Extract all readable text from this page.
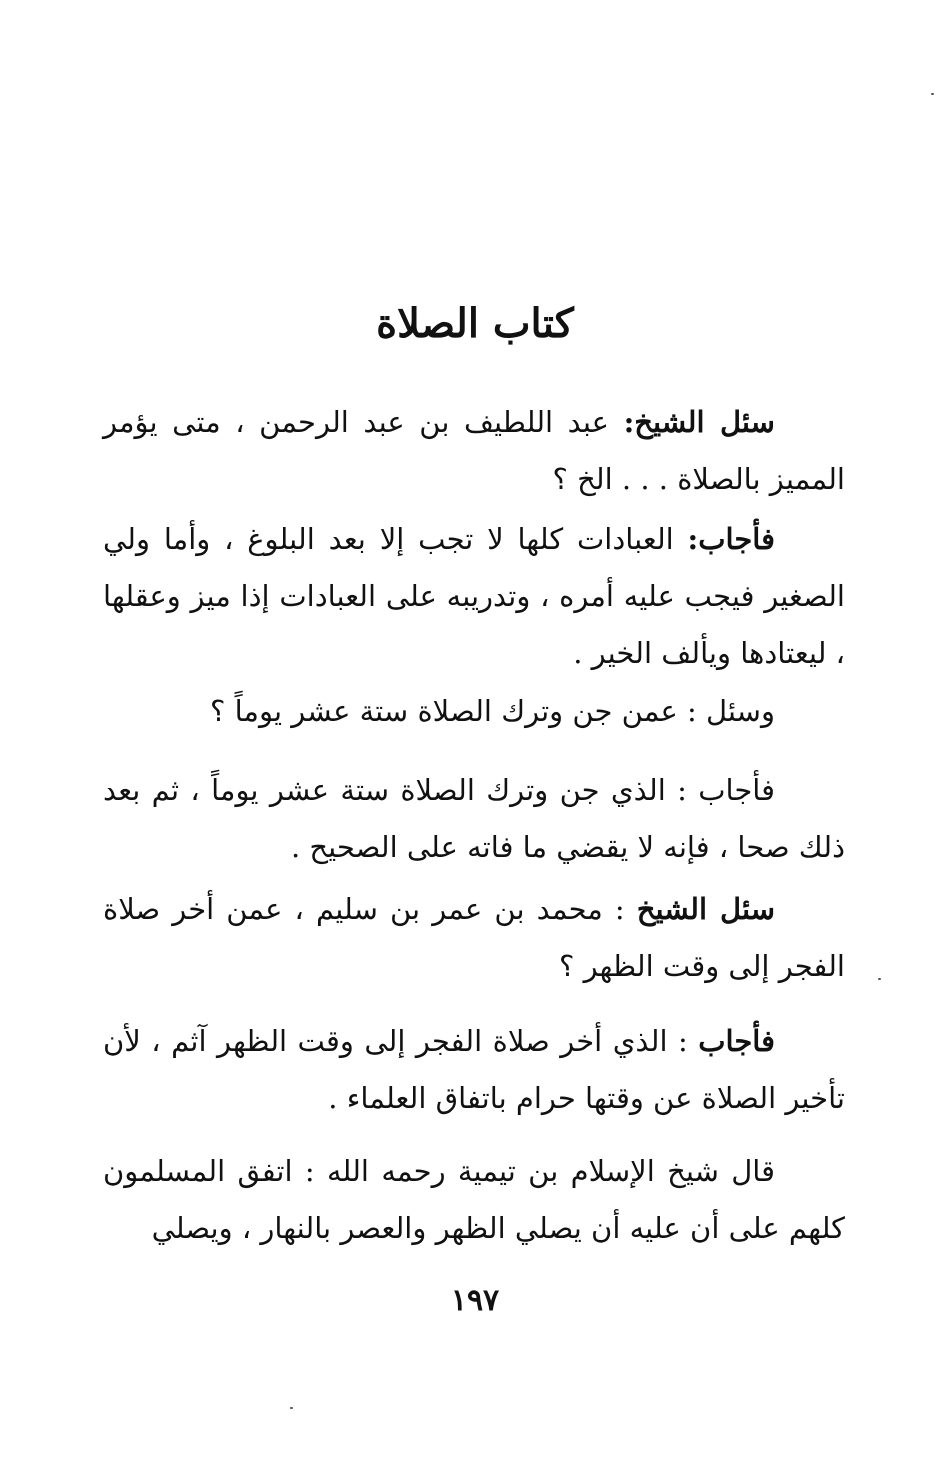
كتاب الصلاة

سئل الشيخ: عبد اللطيف بن عبد الرحمن ، متى يؤمر المميز بالصلاة . . . الخ ؟

فأجاب: العبادات كلها لا تجب إلا بعد البلوغ ، وأما ولي الصغير فيجب عليه أمره ، وتدريبه على العبادات إذا ميز وعقلها ، ليعتادها ويألف الخير .

وسئل : عمن جن وترك الصلاة ستة عشر يوماً ؟

فأجاب : الذي جن وترك الصلاة ستة عشر يوماً ، ثم بعد ذلك صحا ، فإنه لا يقضي ما فاته على الصحيح .

سئل الشيخ : محمد بن عمر بن سليم ، عمن أخر صلاة الفجر إلى وقت الظهر ؟

فأجاب : الذي أخر صلاة الفجر إلى وقت الظهر آثم ، لأن تأخير الصلاة عن وقتها حرام باتفاق العلماء .

قال شيخ الإسلام بن تيمية رحمه الله : اتفق المسلمون كلهم على أن عليه أن يصلي الظهر والعصر بالنهار ، ويصلي

١٩٧
